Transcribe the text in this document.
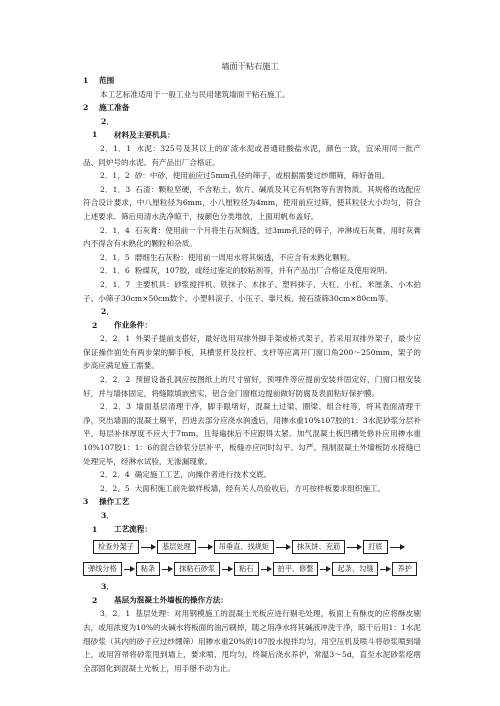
墙面干粘石施工

1 范围

本工艺标准适用于一般工业与民用建筑墙面干粘石施工。

2 施工准备

2．1 材料及主要机具：

2．1．1 水泥：325号及其以上的矿渣水泥或普通硅酸盐水泥，颜色一致，宜采用同一批产品、同炉号的水泥。有产品出厂合格证。

2．1．2 砂：中砂，使用前应过5mm孔径的筛子，或根据需要过纱绷筛，筛好备用。

2．1．3 石渣：颗粒坚硬，不含粘土、软片、碱质及其它有机物等有害物质。其规格的选配应符合设计要求，中八厘粒径为6mm，小八厘粒径为4mm，使用前应过筛，使其粒径大小均匀，符合上述要求。筛后用清水洗净晾干，按颜色分类堆放，上面用帆布盖好。

2．1．4 石灰膏：使用前一个月将生石灰焖透，过3mm孔径的筛子，冲淋成石灰膏，用时灰膏内不得含有未熟化的颗粒和杂质。

2．1．5 磨细生石灰粉：使用前一周用水将其焖透，不应含有未熟化颗粒。

2．1．6 粉煤灰，107胶，或经过鉴定的胶粘剂等，并有产品出厂合格证及使用说明。

2．1．7 主要机具：砂浆搅拌机、铁抹子、木抹子、塑料抹子、大杠、小杠、米厘条、小木拍子、小筛子30cm×50cm数个、小塑料滚子、小压子、靠尺板、接石渣筛30cm×80cm等。

2．2 作业条件：

2．2．1 外架子提前支搭好，最好选用双排外脚手架或桥式架子，若采用双排外架子，最少应保证操作面处有两步架的脚手板，其横竖杆及拉杆、支杆等应离开门窗口角200～250mm，架子的步高应满足施工需要。

2．2．2 预留设备孔洞应按图纸上的尺寸留好，预埋件等应提前安装并固定好，门窗口框安装好，并与墙体固定，将缝隙填嵌密实，铝合金门窗框边提前做好防腐及表面粘好保护膜。

2．2．3 墙面基层清理干净，脚手眼堵好，混凝土过梁、圈梁、组合柱等，将其表面清理干净，突出墙面的混凝土剔平，凹进去部分应浇水润透后，用掺水重10%107胶的1：3水泥砂浆分层补平，每层补抹厚度不应大于7mm，且每遍抹后不应跟得太紧。加气混凝土板凹槽处修补应用掺水重10%107胶1：1：6的混合砂浆分层补平，板缝亦应同时勾平、勾严。预制混凝土外墙板防水接缝已处理完毕，经淋水试验，无渗漏现象。

2．2．4 确定施工工艺，向操作者进行技术交底。

2．2．5 大面积施工前先做样板墙，经有关人员验收后，方可按样板要求组织施工。

3 操作工艺

3．1 工艺流程：

检查外架子	基层处理	吊垂直、找规矩	抹灰饼、充筋	打底
弹线分格	粘条	抹粘石砂浆	粘石	拍平、修整	起条、勾缝	养护

3．2 基层为混凝土外墙板的操作方法：

3．2．1 基层处理：对用钢模施工的混凝土光板应进行剔毛处理，板面上有酥皮的应将酥皮剔去，或用浓度为10%的火碱水将板面的油污刷掉，随之用净水将其碱液冲洗干净，晾干后用1：1水泥细砂浆（其内的砂子应过纱绷筛）用掺水重20%的107胶水搅拌均匀，用空压机及喷斗将砂浆喷到墙上，或用笤帚将砂浆甩到墙上，要求喷、甩均匀，终凝后浇水养护，常温3～5d，直至水泥砂浆疙瘩全部固化到混凝土光板上，用手掰不动为止。
